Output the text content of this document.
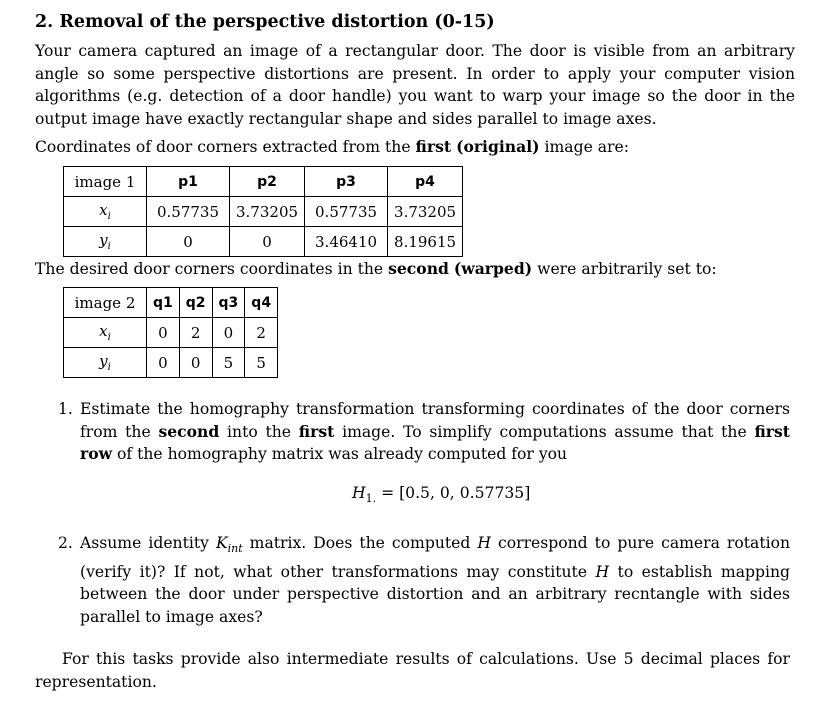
2. Removal of the perspective distortion (0-15)
Your camera captured an image of a rectangular door. The door is visible from an arbitrary angle so some perspective distortions are present. In order to apply your computer vision algorithms (e.g. detection of a door handle) you want to warp your image so the door in the output image have exactly rectangular shape and sides parallel to image axes.
Coordinates of door corners extracted from the first (original) image are:
image 1	p1	p2	p3	p4
$x_i$	0.57735	3.73205	0.57735	3.73205
$y_i$	0	0	3.46410	8.19615
The desired door corners coordinates in the second (warped) were arbitrarily set to:
image 2	q1	q2	q3	q4
$x_i$	0	2	0	2
$y_i$	0	0	5	5
1. Estimate the homography transformation transforming coordinates of the door corners from the second into the first image. To simplify computations assume that the first row of the homography matrix was already computed for you
2. Assume identity $K_{int}$ matrix. Does the computed H correspond to pure camera rotation (verify it)? If not, what other transformations may constitute H to establish mapping between the door under perspective distortion and an arbitrary recntangle with sides parallel to image axes?
$H_{1.} = [0.5$, 0, 0.57735]
For this tasks provide also intermediate results of calculations. Use 5 decimal places for representation.
